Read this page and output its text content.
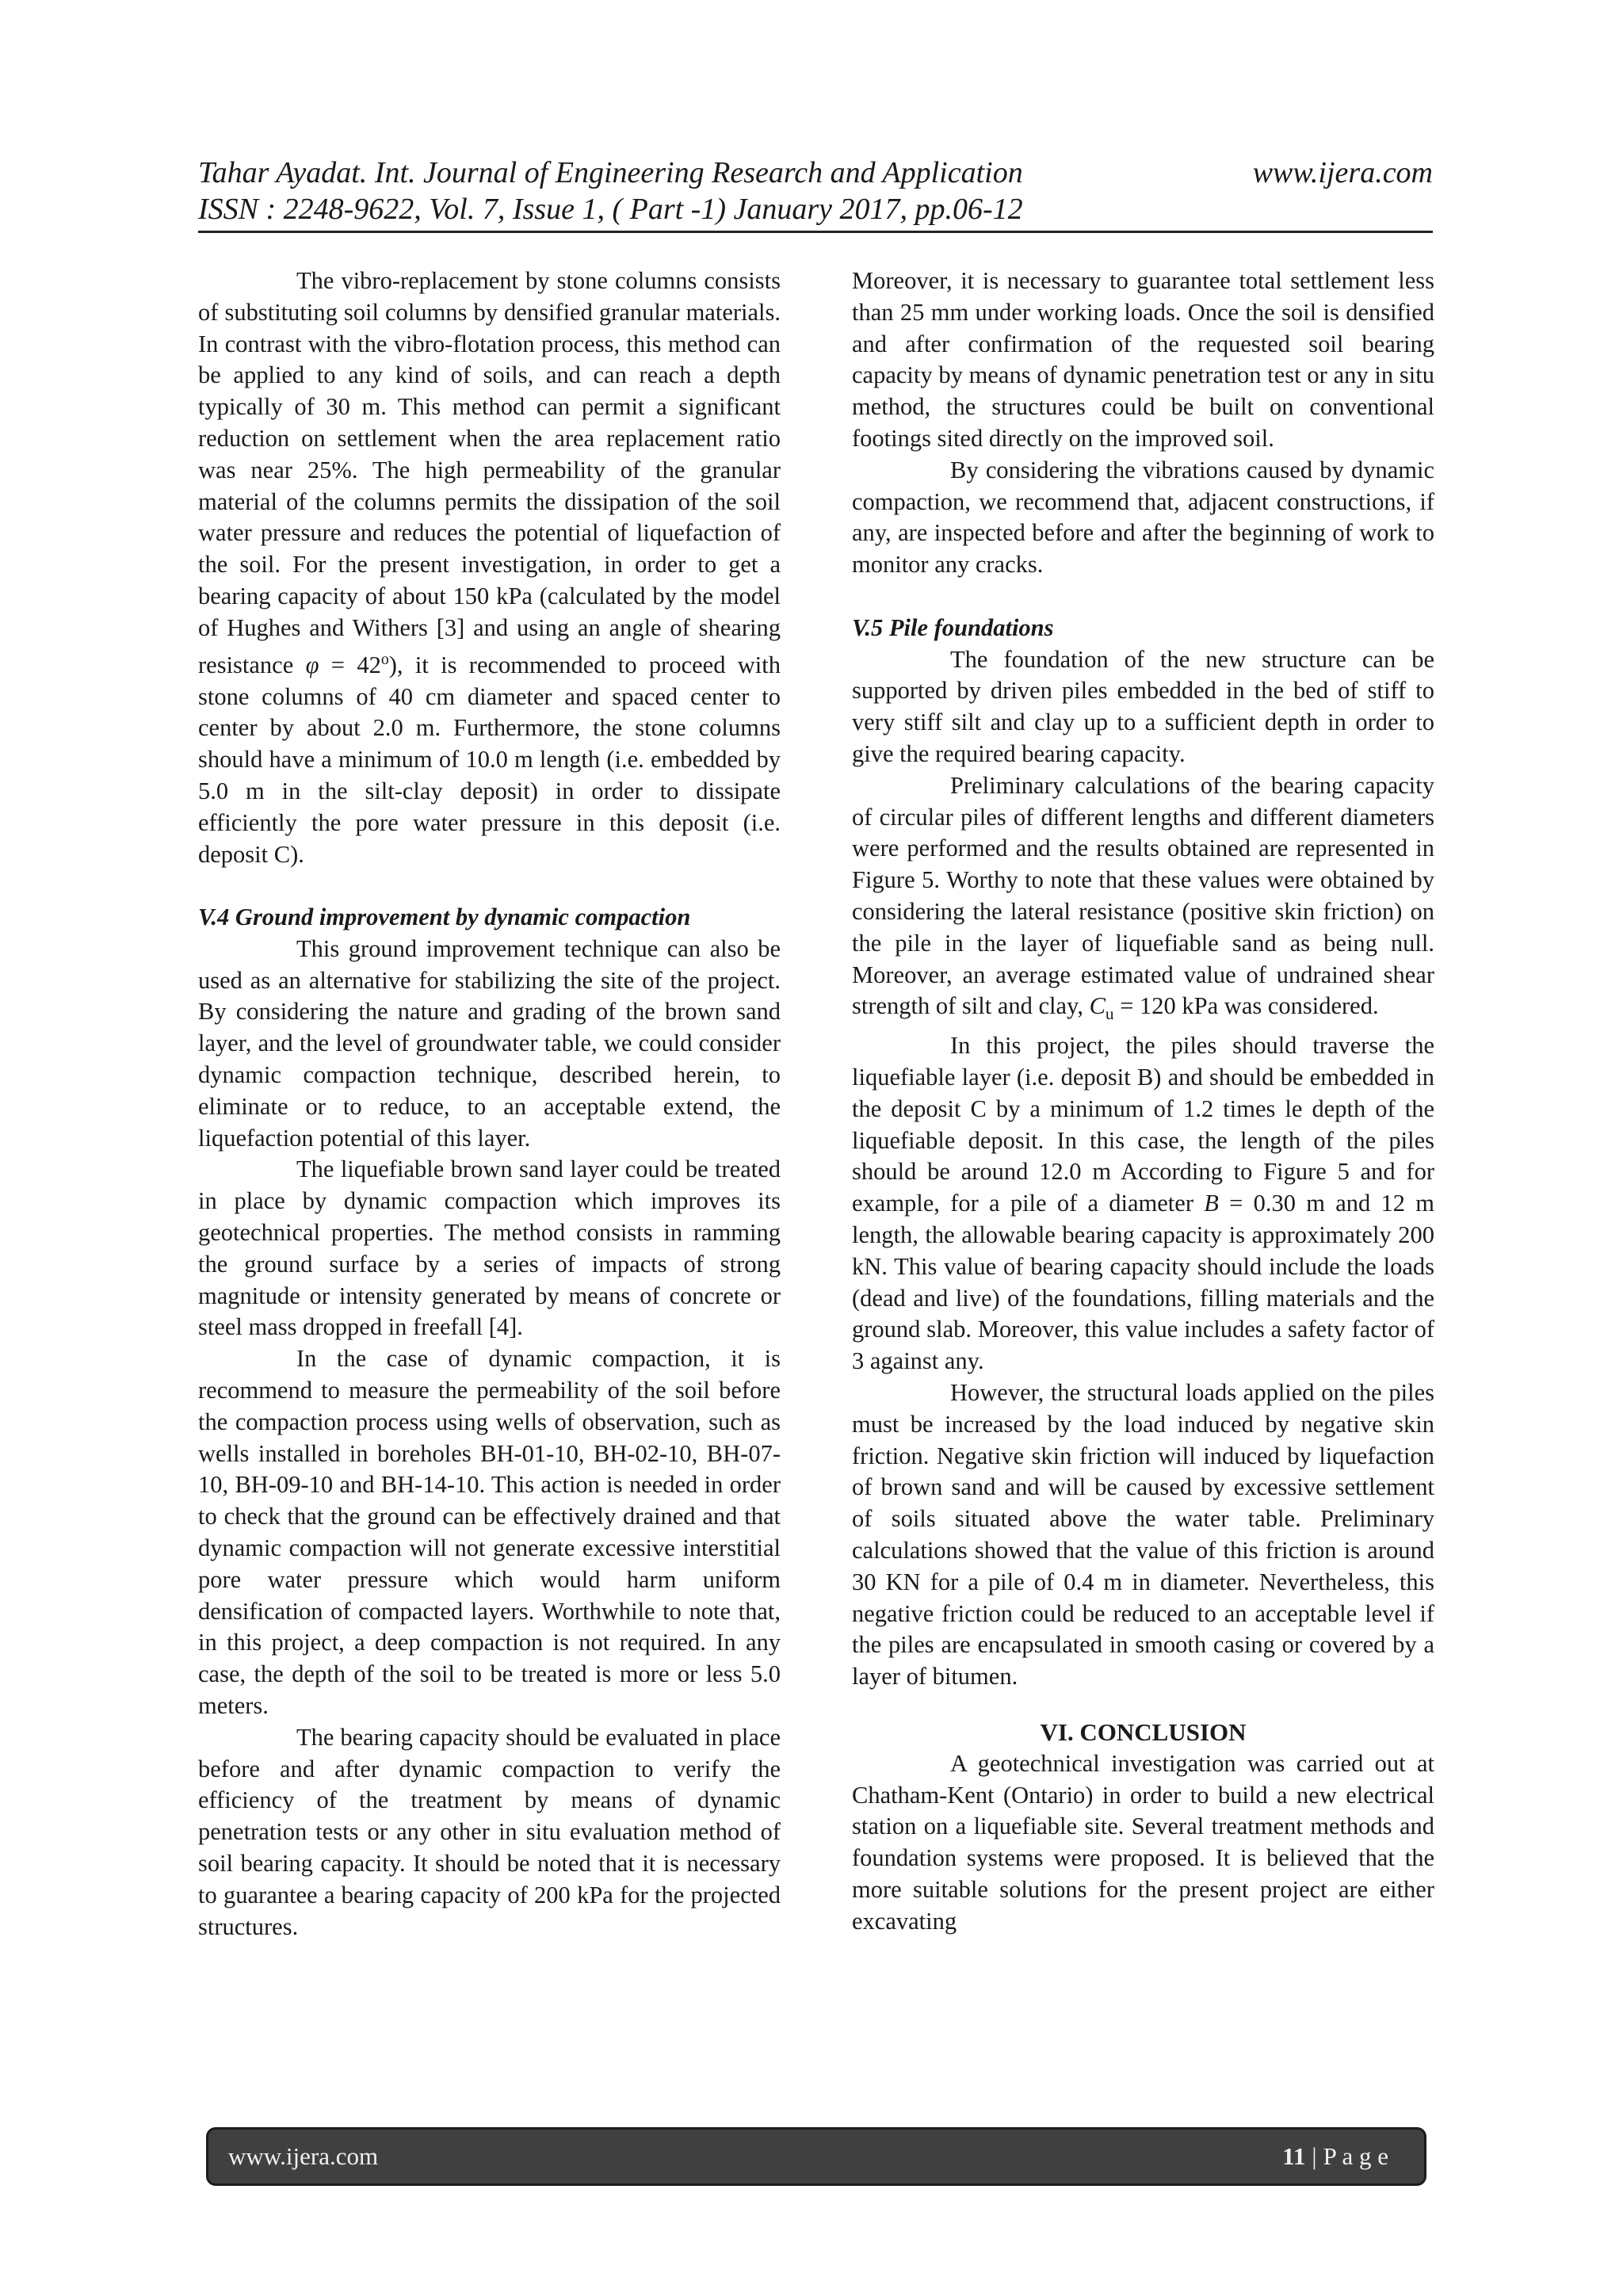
Tahar Ayadat. Int. Journal of Engineering Research and Application	www.ijera.com
ISSN : 2248-9622, Vol. 7, Issue 1, ( Part -1) January 2017, pp.06-12

The vibro-replacement by stone columns consists of substituting soil columns by densified granular materials. In contrast with the vibro-flotation process, this method can be applied to any kind of soils, and can reach a depth typically of 30 m. This method can permit a significant reduction on settlement when the area replacement ratio was near 25%. The high permeability of the granular material of the columns permits the dissipation of the soil water pressure and reduces the potential of liquefaction of the soil. For the present investigation, in order to get a bearing capacity of about 150 kPa (calculated by the model of Hughes and Withers [3] and using an angle of shearing resistance $\varphi = 42^o$), it is recommended to proceed with stone columns of 40 cm diameter and spaced center to center by about 2.0 m. Furthermore, the stone columns should have a minimum of 10.0 m length (i.e. embedded by 5.0 m in the silt-clay deposit) in order to dissipate efficiently the pore water pressure in this deposit (i.e. deposit C).

V.4 Ground improvement by dynamic compaction

This ground improvement technique can also be used as an alternative for stabilizing the site of the project. By considering the nature and grading of the brown sand layer, and the level of groundwater table, we could consider dynamic compaction technique, described herein, to eliminate or to reduce, to an acceptable extend, the liquefaction potential of this layer.

The liquefiable brown sand layer could be treated in place by dynamic compaction which improves its geotechnical properties. The method consists in ramming the ground surface by a series of impacts of strong magnitude or intensity generated by means of concrete or steel mass dropped in freefall [4].

In the case of dynamic compaction, it is recommend to measure the permeability of the soil before the compaction process using wells of observation, such as wells installed in boreholes BH-01-10, BH-02-10, BH-07-10, BH-09-10 and BH-14-10. This action is needed in order to check that the ground can be effectively drained and that dynamic compaction will not generate excessive interstitial pore water pressure which would harm uniform densification of compacted layers. Worthwhile to note that, in this project, a deep compaction is not required. In any case, the depth of the soil to be treated is more or less 5.0 meters.

The bearing capacity should be evaluated in place before and after dynamic compaction to verify the efficiency of the treatment by means of dynamic penetration tests or any other in situ evaluation method of soil bearing capacity. It should be noted that it is necessary to guarantee a bearing capacity of 200 kPa for the projected structures.

Moreover, it is necessary to guarantee total settlement less than 25 mm under working loads. Once the soil is densified and after confirmation of the requested soil bearing capacity by means of dynamic penetration test or any in situ method, the structures could be built on conventional footings sited directly on the improved soil.

By considering the vibrations caused by dynamic compaction, we recommend that, adjacent constructions, if any, are inspected before and after the beginning of work to monitor any cracks.

V.5 Pile foundations

The foundation of the new structure can be supported by driven piles embedded in the bed of stiff to very stiff silt and clay up to a sufficient depth in order to give the required bearing capacity.

Preliminary calculations of the bearing capacity of circular piles of different lengths and different diameters were performed and the results obtained are represented in Figure 5. Worthy to note that these values were obtained by considering the lateral resistance (positive skin friction) on the pile in the layer of liquefiable sand as being null. Moreover, an average estimated value of undrained shear strength of silt and clay, $C_u = 120$ kPa was considered.

In this project, the piles should traverse the liquefiable layer (i.e. deposit B) and should be embedded in the deposit C by a minimum of 1.2 times le depth of the liquefiable deposit. In this case, the length of the piles should be around 12.0 m According to Figure 5 and for example, for a pile of a diameter B = 0.30 m and 12 m length, the allowable bearing capacity is approximately 200 kN. This value of bearing capacity should include the loads (dead and live) of the foundations, filling materials and the ground slab. Moreover, this value includes a safety factor of 3 against any.

However, the structural loads applied on the piles must be increased by the load induced by negative skin friction. Negative skin friction will induced by liquefaction of brown sand and will be caused by excessive settlement of soils situated above the water table. Preliminary calculations showed that the value of this friction is around 30 KN for a pile of 0.4 m in diameter. Nevertheless, this negative friction could be reduced to an acceptable level if the piles are encapsulated in smooth casing or covered by a layer of bitumen.

VI. CONCLUSION

A geotechnical investigation was carried out at Chatham-Kent (Ontario) in order to build a new electrical station on a liquefiable site. Several treatment methods and foundation systems were proposed. It is believed that the more suitable solutions for the present project are either excavating

www.ijera.com	11 | P a g e
